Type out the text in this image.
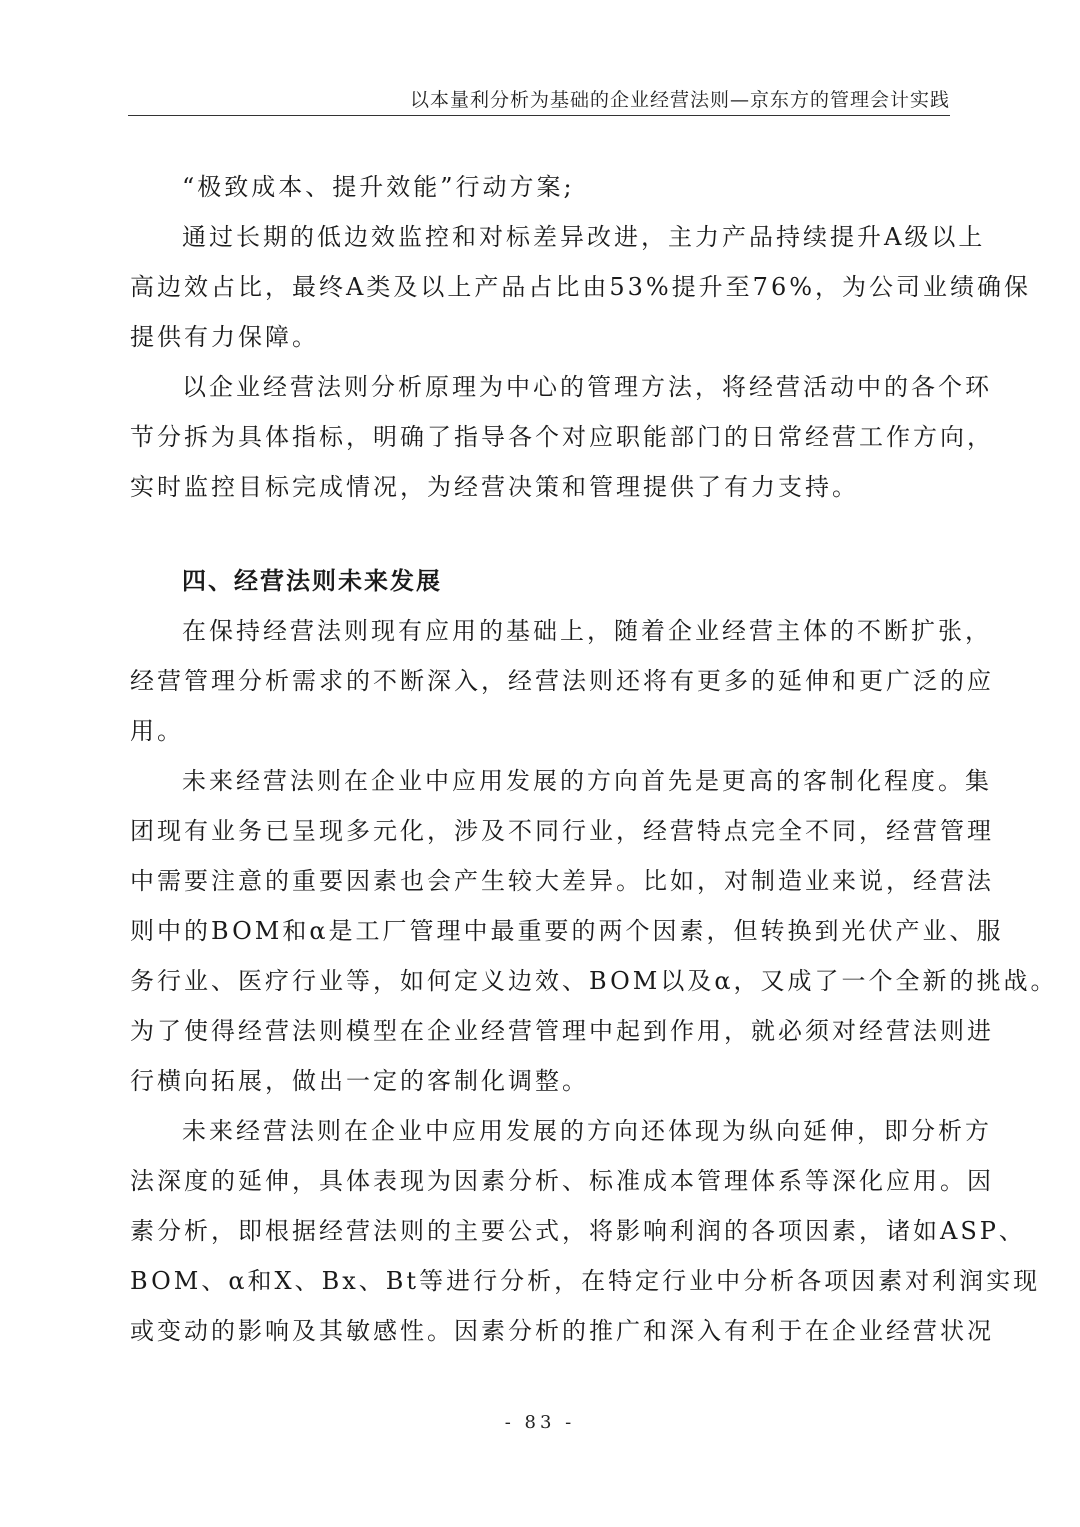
以本量利分析为基础的企业经营法则—京东方的管理会计实践

“极致成本、提升效能”行动方案;

通过长期的低边效监控和对标差异改进，主力产品持续提升A级以上
高边效占比，最终A类及以上产品占比由53%提升至76%，为公司业绩确保
提供有力保障。

以企业经营法则分析原理为中心的管理方法，将经营活动中的各个环
节分拆为具体指标，明确了指导各个对应职能部门的日常经营工作方向，
实时监控目标完成情况，为经营决策和管理提供了有力支持。

四、经营法则未来发展

在保持经营法则现有应用的基础上，随着企业经营主体的不断扩张，
经营管理分析需求的不断深入，经营法则还将有更多的延伸和更广泛的应
用。

未来经营法则在企业中应用发展的方向首先是更高的客制化程度。集
团现有业务已呈现多元化，涉及不同行业，经营特点完全不同，经营管理
中需要注意的重要因素也会产生较大差异。比如，对制造业来说，经营法
则中的BOM和α是工厂管理中最重要的两个因素，但转换到光伏产业、服
务行业、医疗行业等，如何定义边效、BOM以及α，又成了一个全新的挑战。
为了使得经营法则模型在企业经营管理中起到作用，就必须对经营法则进
行横向拓展，做出一定的客制化调整。

未来经营法则在企业中应用发展的方向还体现为纵向延伸，即分析方
法深度的延伸，具体表现为因素分析、标准成本管理体系等深化应用。因
素分析，即根据经营法则的主要公式，将影响利润的各项因素，诸如ASP、
BOM、α和X、Bx、Bt等进行分析，在特定行业中分析各项因素对利润实现
或变动的影响及其敏感性。因素分析的推广和深入有利于在企业经营状况

- 83 -
